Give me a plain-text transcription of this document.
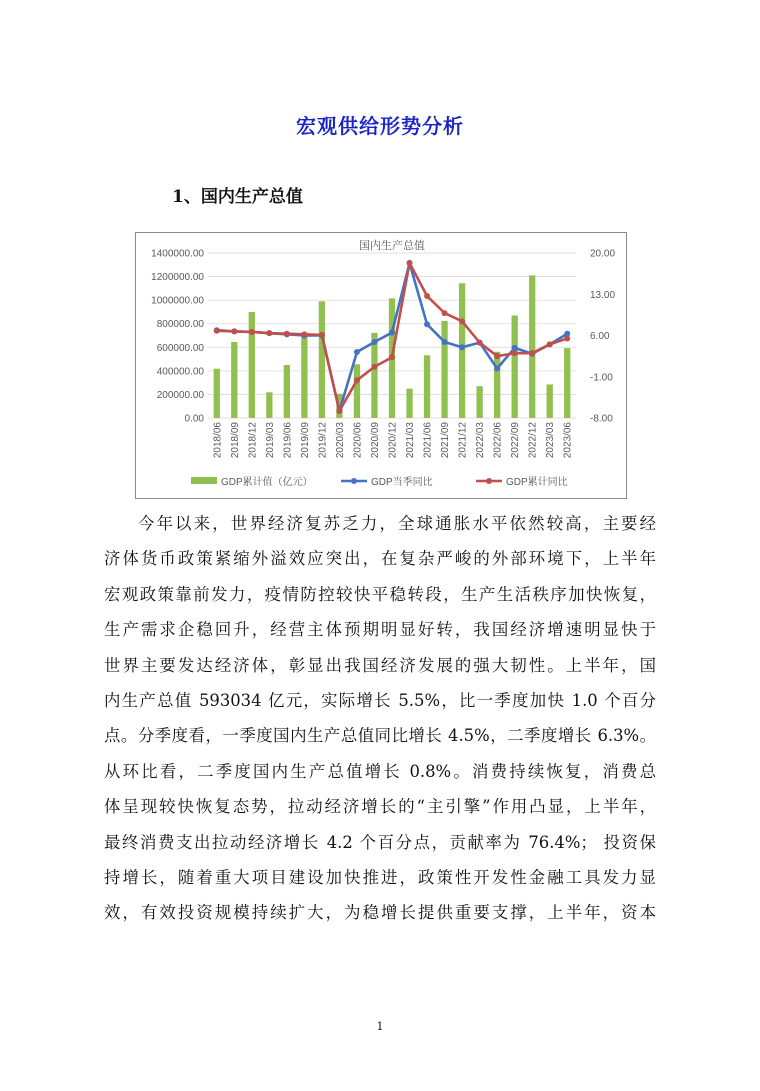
宏观供给形势分析
1、国内生产总值
国内生产总值
0.00
200000.00
400000.00
600000.00
800000.00
1000000.00
1200000.00
1400000.00
-8.00
-1.00
6.00
13.00
20.00
2018/06 2018/09 2018/12 2019/03 2019/06 2019/09 2019/12 2020/03 2020/06 2020/09 2020/12 2021/03 2021/06 2021/09 2021/12 2022/03 2022/06 2022/09 2022/12 2023/03 2023/06
GDP累计值（亿元）	GDP当季同比	GDP累计同比
今年以来，世界经济复苏乏力，全球通胀水平依然较高，主要经
济体货币政策紧缩外溢效应突出，在复杂严峻的外部环境下，上半年
宏观政策靠前发力，疫情防控较快平稳转段，生产生活秩序加快恢复，
生产需求企稳回升，经营主体预期明显好转，我国经济增速明显快于
世界主要发达经济体，彰显出我国经济发展的强大韧性。上半年，国
内生产总值 593034 亿元，实际增长 5.5%，比一季度加快 1.0 个百分
点。分季度看，一季度国内生产总值同比增长 4.5%，二季度增长 6.3%。
从环比看，二季度国内生产总值增长 0.8%。消费持续恢复，消费总
体呈现较快恢复态势，拉动经济增长的“主引擎”作用凸显，上半年，
最终消费支出拉动经济增长 4.2 个百分点，贡献率为 76.4%； 投资保
持增长，随着重大项目建设加快推进，政策性开发性金融工具发力显
效，有效投资规模持续扩大，为稳增长提供重要支撑，上半年，资本
1
